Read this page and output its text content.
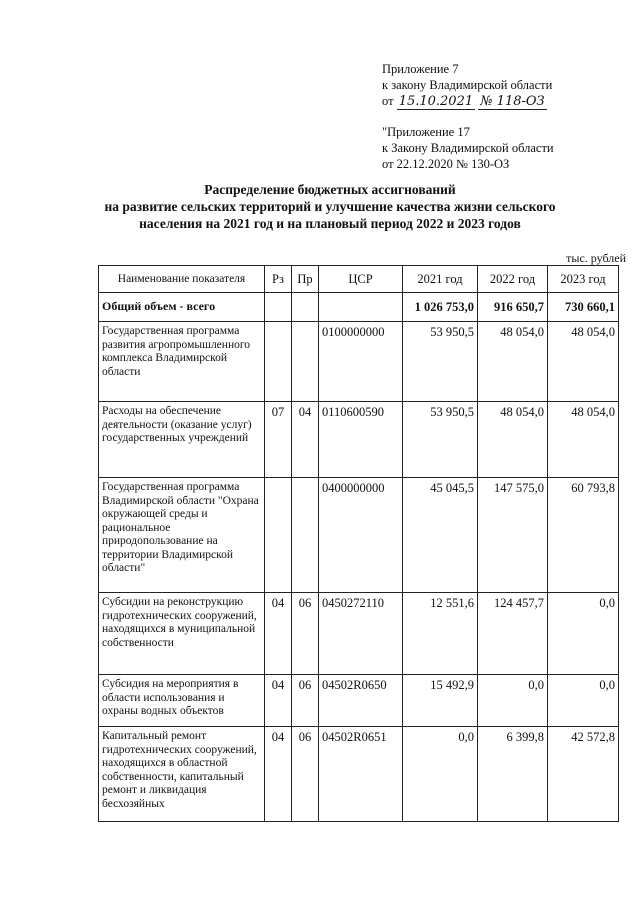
Приложение 7
к закону Владимирской области
от 15.10.2021 № 118-ОЗ
"Приложение 17
к Закону Владимирской области
от 22.12.2020 № 130-ОЗ
Распределение бюджетных ассигнований
на развитие сельских территорий и улучшение качества жизни сельского
населения на 2021 год и на плановый период 2022 и 2023 годов
тыс. рублей
Наименование показателя	Рз	Пр	ЦСР	2021 год	2022 год	2023 год
Общий объем - всего				1 026 753,0	916 650,7	730 660,1
Государственная программа развития агропромышленного комплекса Владимирской области			0100000000	53 950,5	48 054,0	48 054,0
Расходы на обеспечение деятельности (оказание услуг) государственных учреждений	07	04	0110600590	53 950,5	48 054,0	48 054,0
Государственная программа Владимирской области "Охрана окружающей среды и рациональное природопользование на территории Владимирской области"			0400000000	45 045,5	147 575,0	60 793,8
Субсидии на реконструкцию гидротехнических сооружений, находящихся в муниципальной собственности	04	06	0450272110	12 551,6	124 457,7	0,0
Субсидия на мероприятия в области использования и охраны водных объектов	04	06	04502R0650	15 492,9	0,0	0,0
Капитальный ремонт гидротехнических сооружений, находящихся в областной собственности, капитальный ремонт и ликвидация бесхозяйных	04	06	04502R0651	0,0	6 399,8	42 572,8
